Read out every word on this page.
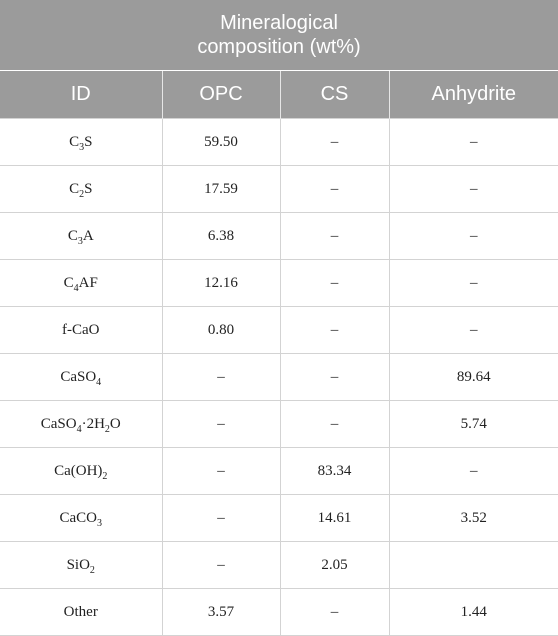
Mineralogical
composition (wt%)			
ID	OPC	CS	Anhydrite
$C_3S$	59.50	–	–
$C_2S$	17.59	–	–
$C_3A$	6.38	–	–
$C_4AF$	12.16	–	–
f-CaO	0.80	–	–
CaSO$_4$	–	–	89.64
$CaSO_4\cdot 2H_2O$	–	–	5.74
$Ca(OH)_2$	–	83.34	–
CaCO$_3$	–	14.61	3.52
SiO$_2$	–	2.05	
Other	3.57	–	1.44
